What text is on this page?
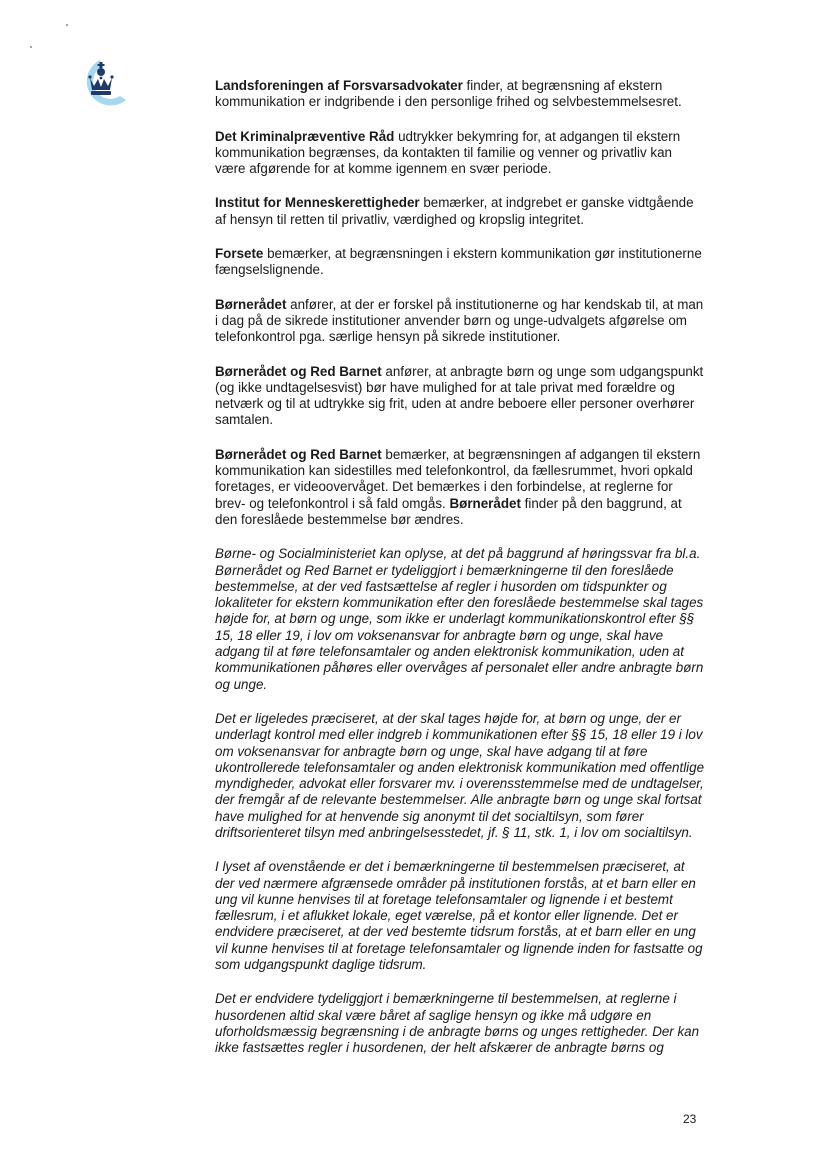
Landsforeningen af Forsvarsadvokater finder, at begrænsning af ekstern kommunikation er indgribende i den personlige frihed og selvbestemmelsesret.

Det Kriminalpræventive Råd udtrykker bekymring for, at adgangen til ekstern kommunikation begrænses, da kontakten til familie og venner og privatliv kan være afgørende for at komme igennem en svær periode.

Institut for Menneskerettigheder bemærker, at indgrebet er ganske vidtgående af hensyn til retten til privatliv, værdighed og kropslig integritet.

Forsete bemærker, at begrænsningen i ekstern kommunikation gør institutionerne fængselslignende.

Børnerådet anfører, at der er forskel på institutionerne og har kendskab til, at man i dag på de sikrede institutioner anvender børn og unge-udvalgets afgørelse om telefonkontrol pga. særlige hensyn på sikrede institutioner.

Børnerådet og Red Barnet anfører, at anbragte børn og unge som udgangspunkt (og ikke undtagelsesvist) bør have mulighed for at tale privat med forældre og netværk og til at udtrykke sig frit, uden at andre beboere eller personer overhører samtalen.

Børnerådet og Red Barnet bemærker, at begrænsningen af adgangen til ekstern kommunikation kan sidestilles med telefonkontrol, da fællesrummet, hvori opkald foretages, er videoovervåget. Det bemærkes i den forbindelse, at reglerne for brev- og telefonkontrol i så fald omgås. Børnerådet finder på den baggrund, at den foreslåede bestemmelse bør ændres.

Børne- og Socialministeriet kan oplyse, at det på baggrund af høringssvar fra bl.a. Børnerådet og Red Barnet er tydeliggjort i bemærkningerne til den foreslåede bestemmelse, at der ved fastsættelse af regler i husorden om tidspunkter og lokaliteter for ekstern kommunikation efter den foreslåede bestemmelse skal tages højde for, at børn og unge, som ikke er underlagt kommunikationskontrol efter §§ 15, 18 eller 19, i lov om voksenansvar for anbragte børn og unge, skal have adgang til at føre telefonsamtaler og anden elektronisk kommunikation, uden at kommunikationen påhøres eller overvåges af personalet eller andre anbragte børn og unge.

Det er ligeledes præciseret, at der skal tages højde for, at børn og unge, der er underlagt kontrol med eller indgreb i kommunikationen efter §§ 15, 18 eller 19 i lov om voksenansvar for anbragte børn og unge, skal have adgang til at føre ukontrollerede telefonsamtaler og anden elektronisk kommunikation med offentlige myndigheder, advokat eller forsvarer mv. i overensstemmelse med de undtagelser, der fremgår af de relevante bestemmelser. Alle anbragte børn og unge skal fortsat have mulighed for at henvende sig anonymt til det socialtilsyn, som fører driftsorienteret tilsyn med anbringelsesstedet, jf. § 11, stk. 1, i lov om socialtilsyn.

I lyset af ovenstående er det i bemærkningerne til bestemmelsen præciseret, at der ved nærmere afgrænsede områder på institutionen forstås, at et barn eller en ung vil kunne henvises til at foretage telefonsamtaler og lignende i et bestemt fællesrum, i et aflukket lokale, eget værelse, på et kontor eller lignende. Det er endvidere præciseret, at der ved bestemte tidsrum forstås, at et barn eller en ung vil kunne henvises til at foretage telefonsamtaler og lignende inden for fastsatte og som udgangspunkt daglige tidsrum.

Det er endvidere tydeliggjort i bemærkningerne til bestemmelsen, at reglerne i husordenen altid skal være båret af saglige hensyn og ikke må udgøre en uforholdsmæssig begrænsning i de anbragte børns og unges rettigheder. Der kan ikke fastsættes regler i husordenen, der helt afskærer de anbragte børns og

23
